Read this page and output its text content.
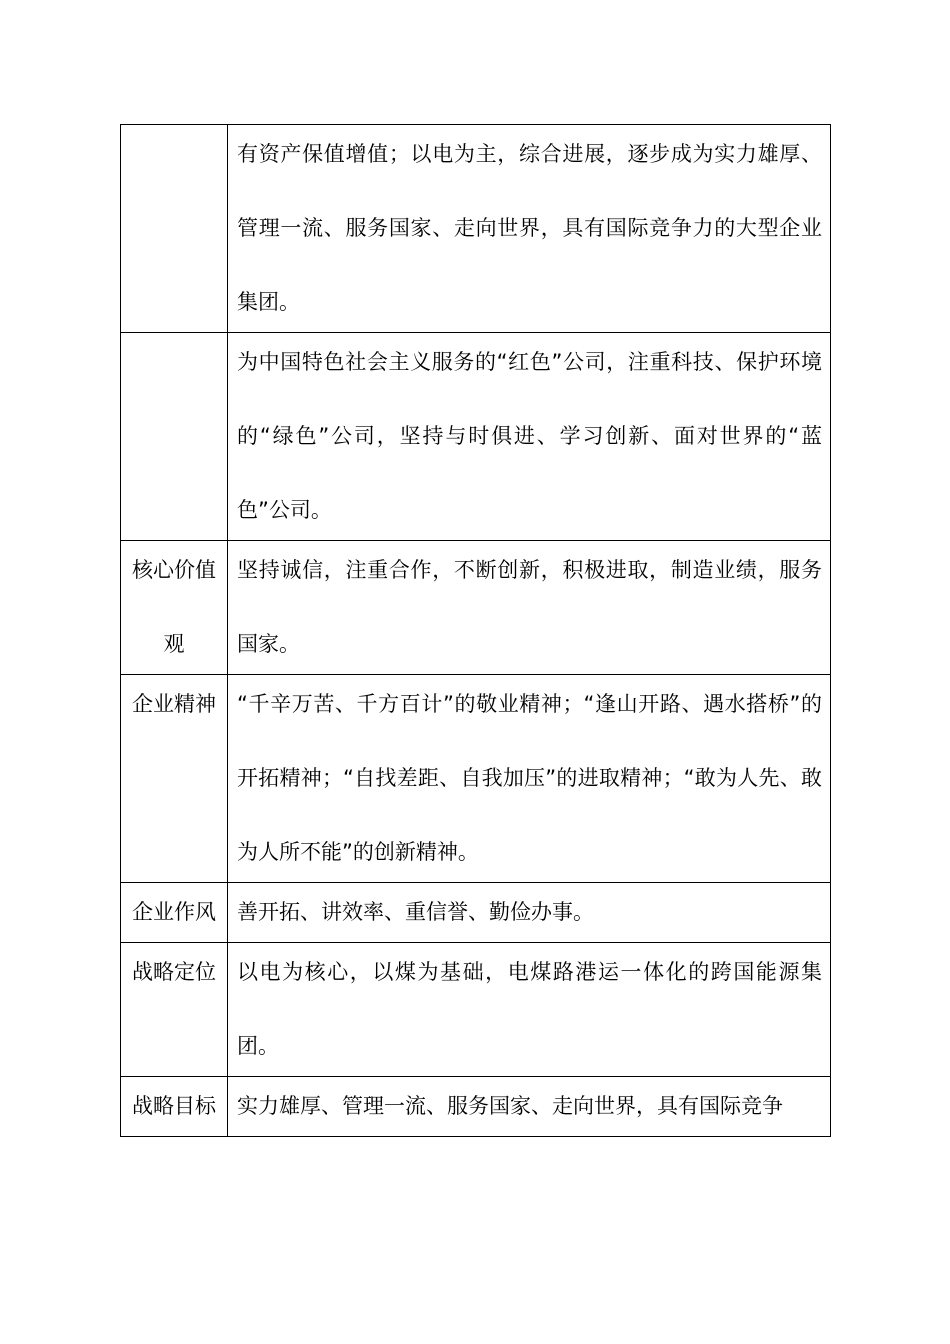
	有资产保值增值；以电为主，综合进展，逐步成为实力雄厚、管理一流、服务国家、走向世界，具有国际竞争力的大型企业集团。

	为中国特色社会主义服务的“红色”公司，注重科技、保护环境的“绿色”公司，坚持与时俱进、学习创新、面对世界的“蓝色”公司。

核心价值观	坚持诚信，注重合作，不断创新，积极进取，制造业绩，服务国家。

企业精神	“千辛万苦、千方百计”的敬业精神；“逢山开路、遇水搭桥”的开拓精神；“自找差距、自我加压”的进取精神；“敢为人先、敢为人所不能”的创新精神。

企业作风	善开拓、讲效率、重信誉、勤俭办事。

战略定位	以电为核心，以煤为基础，电煤路港运一体化的跨国能源集团。

战略目标	实力雄厚、管理一流、服务国家、走向世界，具有国际竞争
